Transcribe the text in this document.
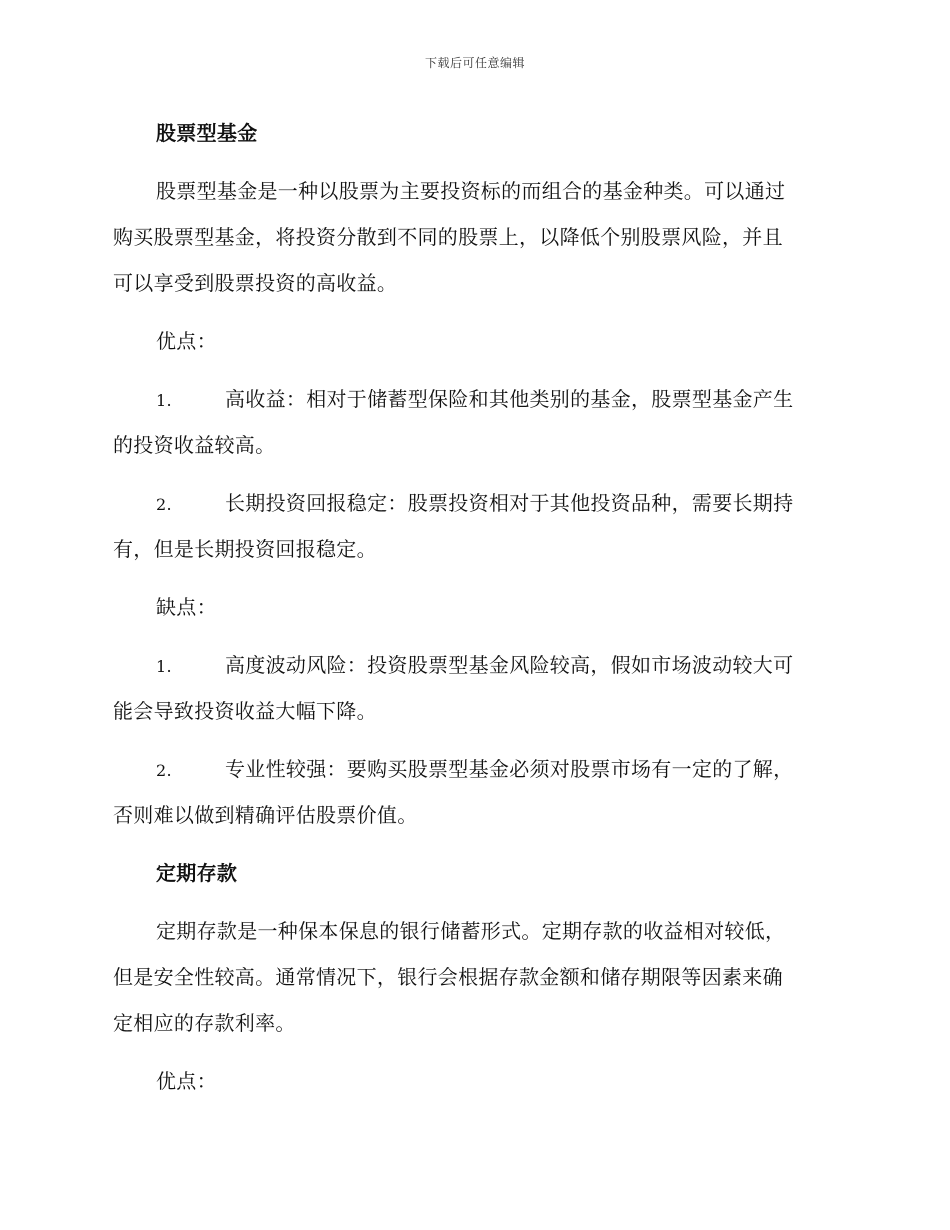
下载后可任意编辑
股票型基金
股票型基金是一种以股票为主要投资标的而组合的基金种类。可以通过
购买股票型基金，将投资分散到不同的股票上，以降低个别股票风险，并且
可以享受到股票投资的高收益。
优点：
1.	高收益：相对于储蓄型保险和其他类别的基金，股票型基金产生
的投资收益较高。
2.	长期投资回报稳定：股票投资相对于其他投资品种，需要长期持
有，但是长期投资回报稳定。
缺点：
1.	高度波动风险：投资股票型基金风险较高，假如市场波动较大可
能会导致投资收益大幅下降。
2.	专业性较强：要购买股票型基金必须对股票市场有一定的了解，
否则难以做到精确评估股票价值。
定期存款
定期存款是一种保本保息的银行储蓄形式。定期存款的收益相对较低，
但是安全性较高。通常情况下，银行会根据存款金额和储存期限等因素来确
定相应的存款利率。
优点：
